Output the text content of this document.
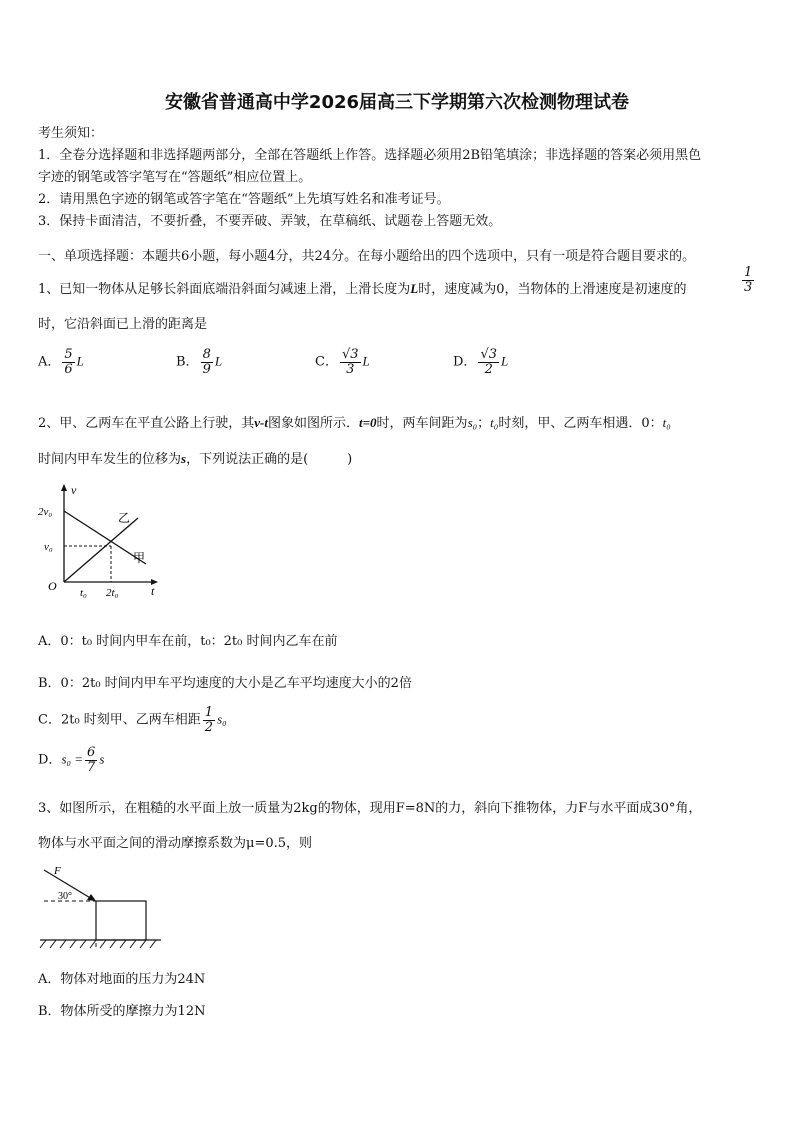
安徽省普通高中学2026届高三下学期第六次检测物理试卷
考生须知：
1．全卷分选择题和非选择题两部分，全部在答题纸上作答。选择题必须用2B铅笔填涂；非选择题的答案必须用黑色
字迹的钢笔或答字笔写在“答题纸”相应位置上。
2．请用黑色字迹的钢笔或答字笔在“答题纸”上先填写姓名和准考证号。
3．保持卡面清洁，不要折叠，不要弄破、弄皱，在草稿纸、试题卷上答题无效。
一、单项选择题：本题共6小题，每小题4分，共24分。在每小题给出的四个选项中，只有一项是符合题目要求的。
1、已知一物体从足够长斜面底端沿斜面匀减速上滑，上滑长度为L时，速度减为0，当物体的上滑速度是初速度的	$\frac{1}{3}$
时，它沿斜面已上滑的距离是
A． $\frac{5}{6}$ L	B． $\frac{8}{9}$ L	C． $\frac{√3}{3}$ L	D． $\frac{√3}{2}$ L
2、甲、乙两车在平直公路上行驶，其v-t图象如图所示．t=0时，两车间距为s₀；t₀时刻，甲、乙两车相遇．0：t₀
时间内甲车发生的位移为s，下列说法正确的是(　　　)
v
t
O
2v₀
v₀
t₀ 2t₀
乙
甲
A．0：t₀ 时间内甲车在前，t₀：2t₀ 时间内乙车在前
B．0：2t₀ 时间内甲车平均速度的大小是乙车平均速度大小的2倍
C．2t₀ 时刻甲、乙两车相距 $\frac{1}{2} s_0$
D．$s_0 = \frac{6}{7}$ s
3、如图所示，在粗糙的水平面上放一质量为2kg的物体，现用F=8N的力，斜向下推物体，力F与水平面成30°角，
物体与水平面之间的滑动摩擦系数为μ=0.5，则
F
30°
A．物体对地面的压力为24N
B．物体所受的摩擦力为12N
